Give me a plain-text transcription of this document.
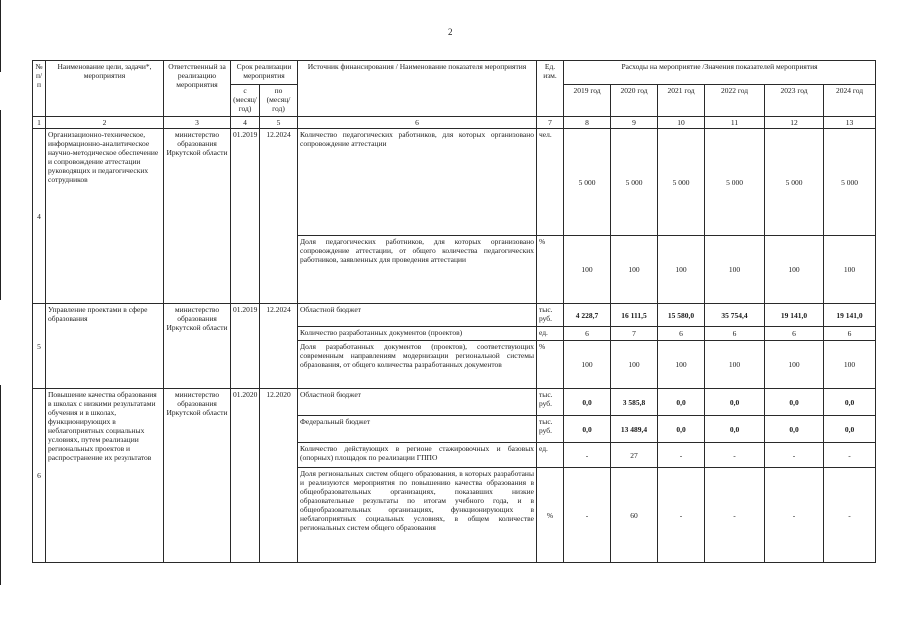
2
№ п/п	Наименование цели, задачи*, мероприятия	Ответственный за реализацию мероприятия	Срок реализации мероприятия		Источник финансирования / Наименование показателя мероприятия	Ед. изм.	Расходы на мероприятие /Значения показателей мероприятия					
			с (месяц/ год)	по (месяц/ год)			2019 год	2020 год	2021 год	2022 год	2023 год	2024 год
1	2	3	4	5	6	7	8	9	10	11	12	13
4	Организационно-техническое, информационно-аналитическое научно-методическое обеспечение и сопровождение аттестации руководящих и педагогических сотрудников	министерство образования Иркутской области	01.2019	12.2024	Количество педагогических работников, для которых организовано сопровождение аттестации	чел.	5 000	5 000	5 000	5 000	5 000	5 000
					Доля педагогических работников, для которых организовано сопровождение аттестации, от общего количества педагогических работников, заявленных для проведения аттестации	%	100	100	100	100	100	100
5	Управление проектами в сфере образования	министерство образования Иркутской области	01.2019	12.2024	Областной бюджет	тыс. руб.	4 228,7	16 111,5	15 580,0	35 754,4	19 141,0	19 141,0
					Количество разработанных документов (проектов)	ед.	6	7	6	6	6	6
					Доля разработанных документов (проектов), соответствующих современным направлениям модернизации региональной системы образования, от общего количества разработанных документов	%	100	100	100	100	100	100
6	Повышение качества образования в школах с низкими результатами обучения и в школах, функционирующих в неблагоприятных социальных условиях, путем реализации региональных проектов и распространение их результатов	министерство образования Иркутской области	01.2020	12.2020	Областной бюджет	тыс. руб.	0,0	3 585,8	0,0	0,0	0,0	0,0
					Федеральный бюджет	тыс. руб.	0,0	13 489,4	0,0	0,0	0,0	0,0
					Количество действующих в регионе стажировочных и базовых (опорных) площадок по реализации ГППО	ед.	-	27	-	-	-	-
					Доля региональных систем общего образования, в которых разработаны и реализуются мероприятия по повышению качества образования в общеобразовательных организациях, показавших низкие образовательные результаты по итогам учебного года, и в общеобразовательных организациях, функционирующих в неблагоприятных социальных условиях, в общем количестве региональных систем общего образования	%	-	60	-	-	-	-
